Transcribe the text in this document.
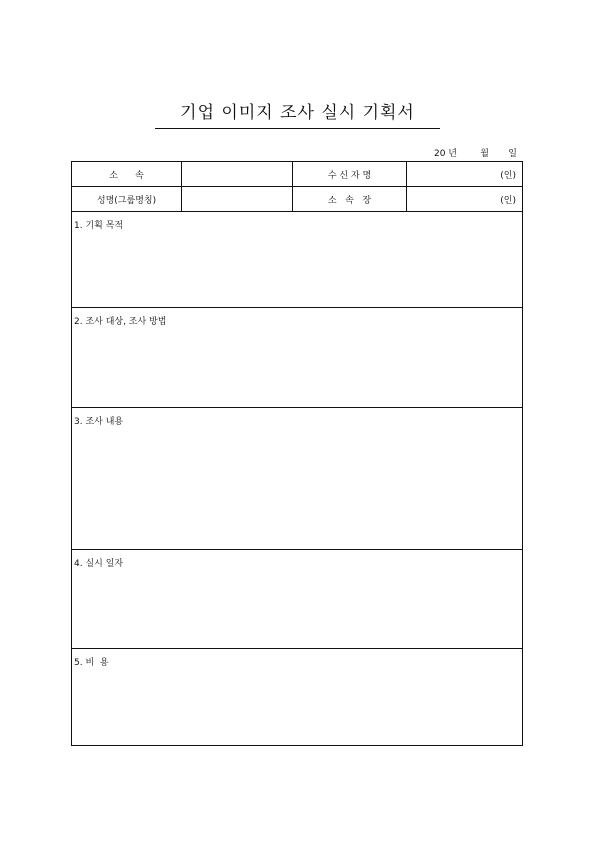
기업 이미지 조사 실시 기획서
20 년	월	일
소      속		수 신 자 명	(인)
성명(그룹명칭)		소   속   장	(인)
1. 기획 목적			
2. 조사 대상, 조사 방법			
3. 조사 내용			
4. 실시 일자			
5. 비  용			
